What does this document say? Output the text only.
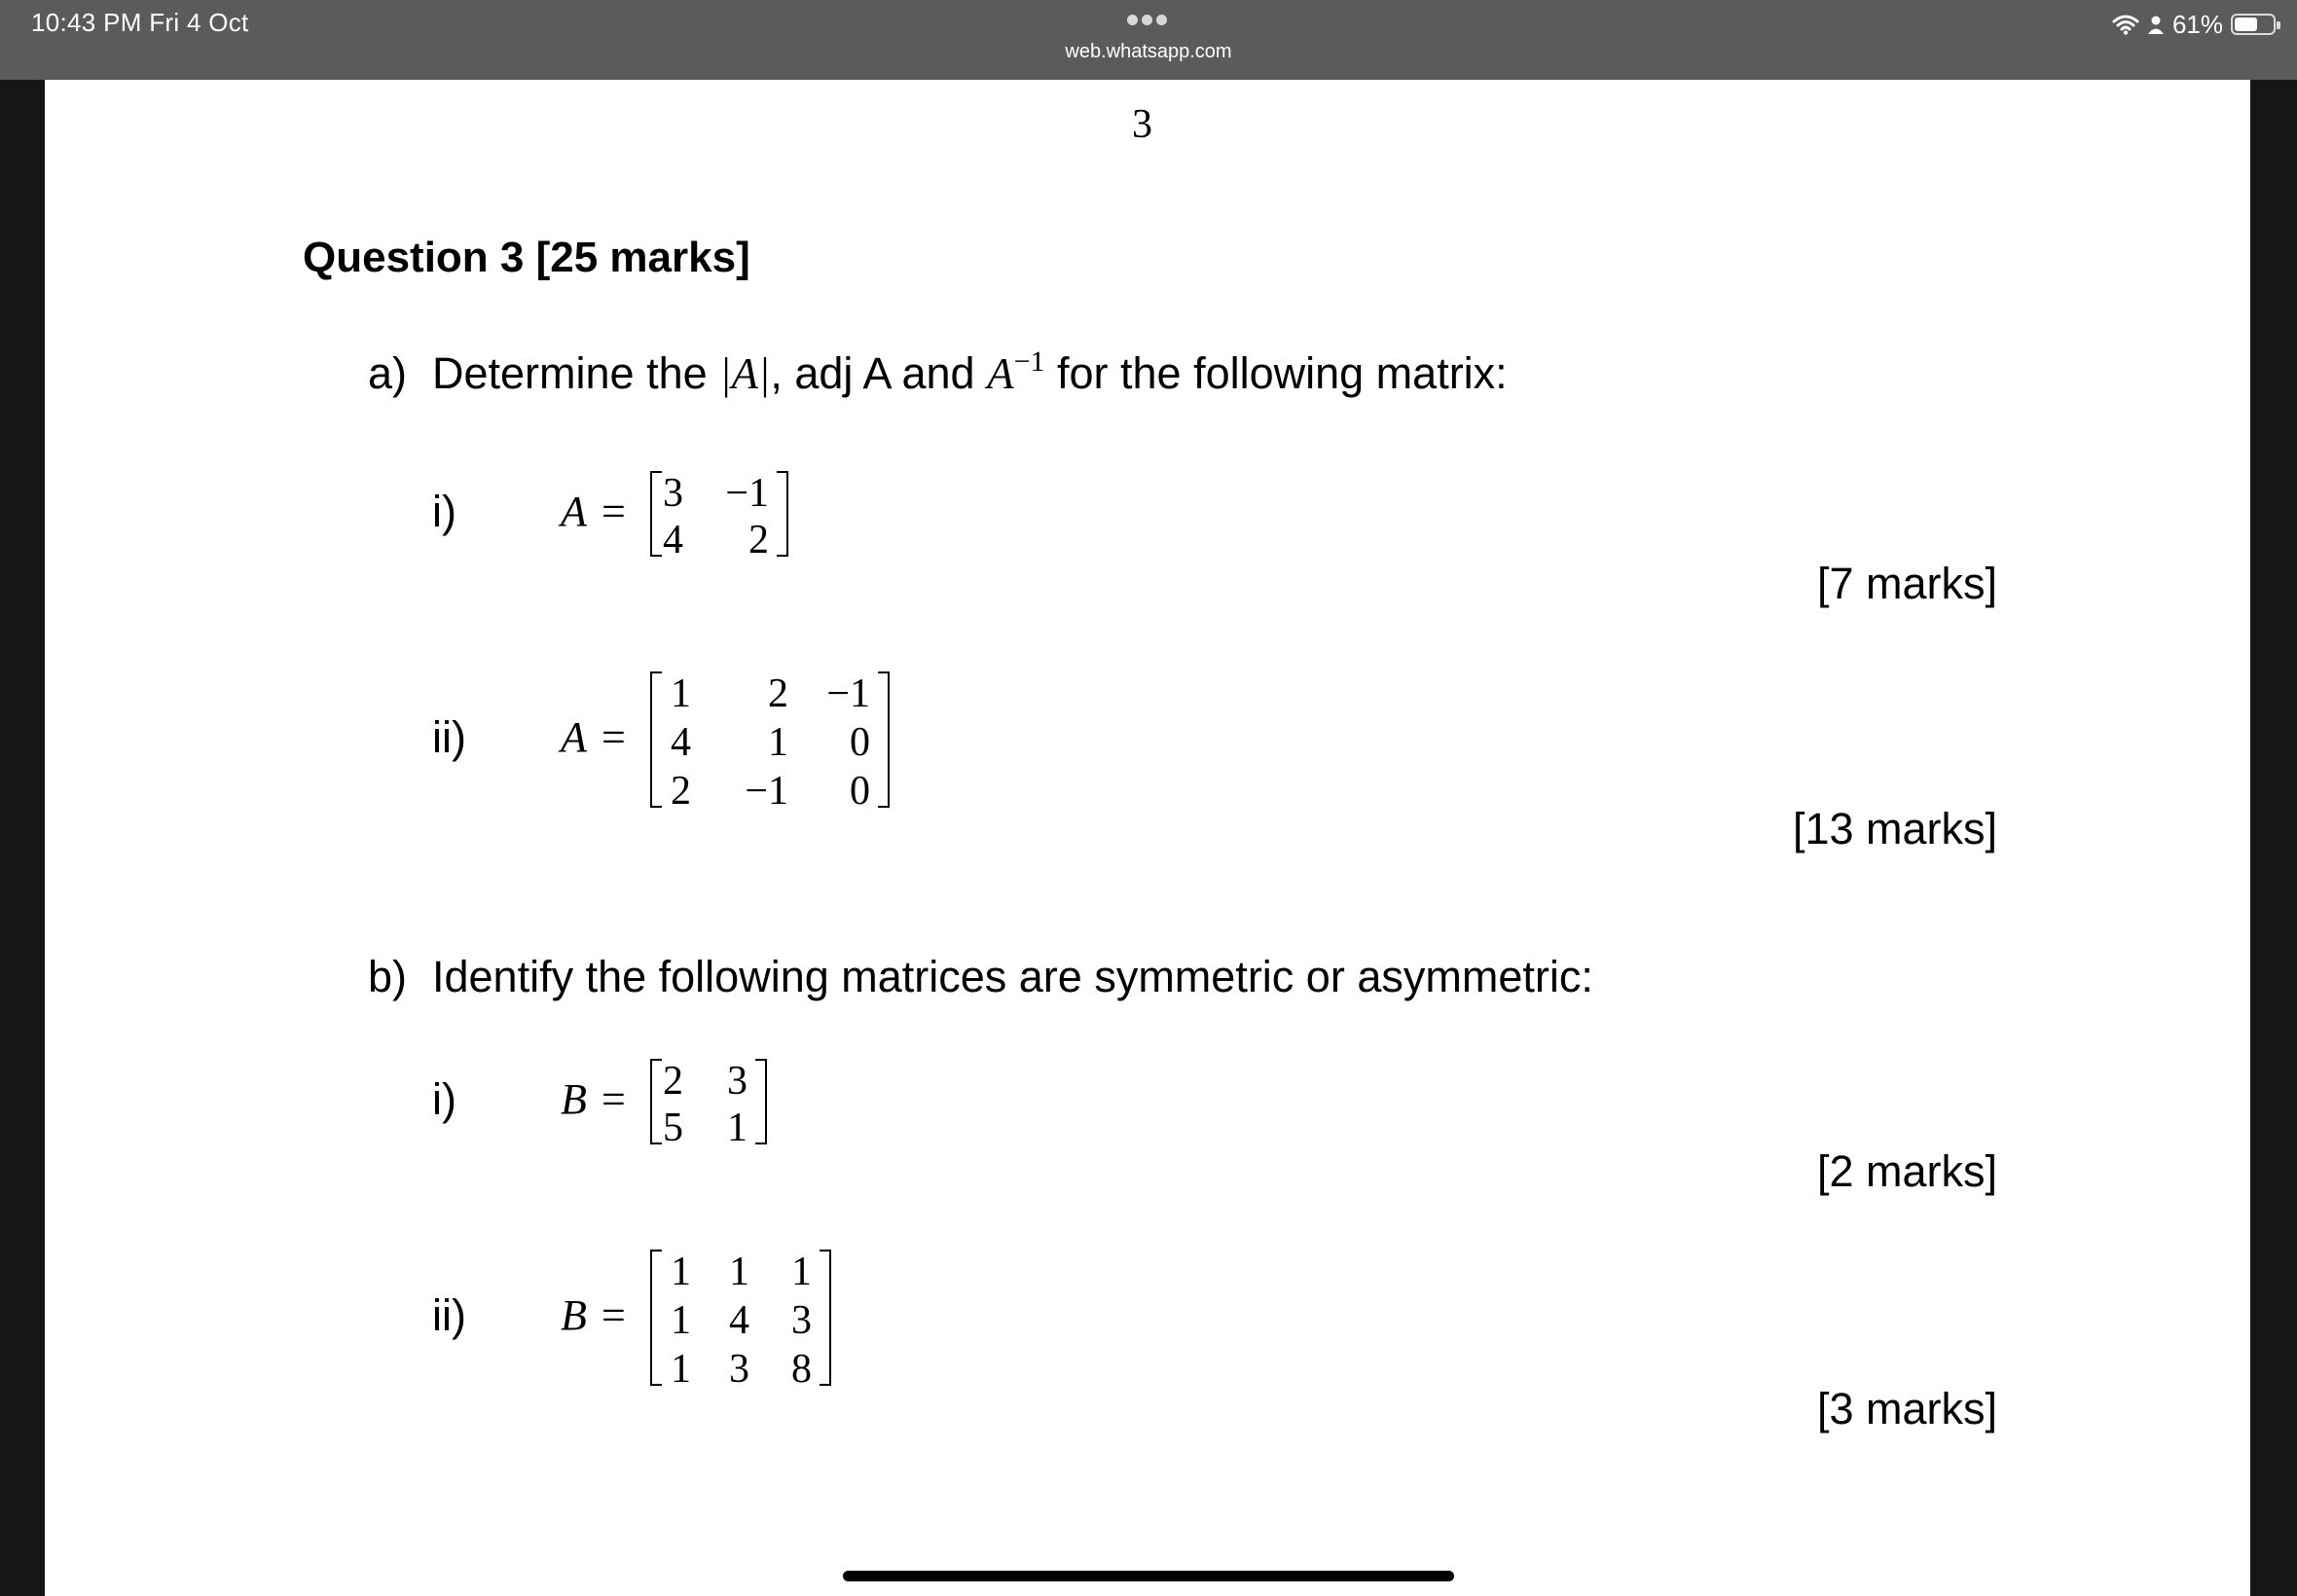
10:43 PM Fri 4 Oct
web.whatsapp.com
61%
3
Question 3 [25 marks]
a) Determine the |A|, adj A and $A^{-1}$ for the following matrix:
i) A = 3 −1
4 2
[7 marks]
ii) A =
1 2 −1
4 1 0
2 −1 0
[13 marks]
b) Identify the following matrices are symmetric or asymmetric:
i) B = 2 3
5 1
[2 marks]
ii) B =
1 1 1
1 4 3
1 3 8
[3 marks]
